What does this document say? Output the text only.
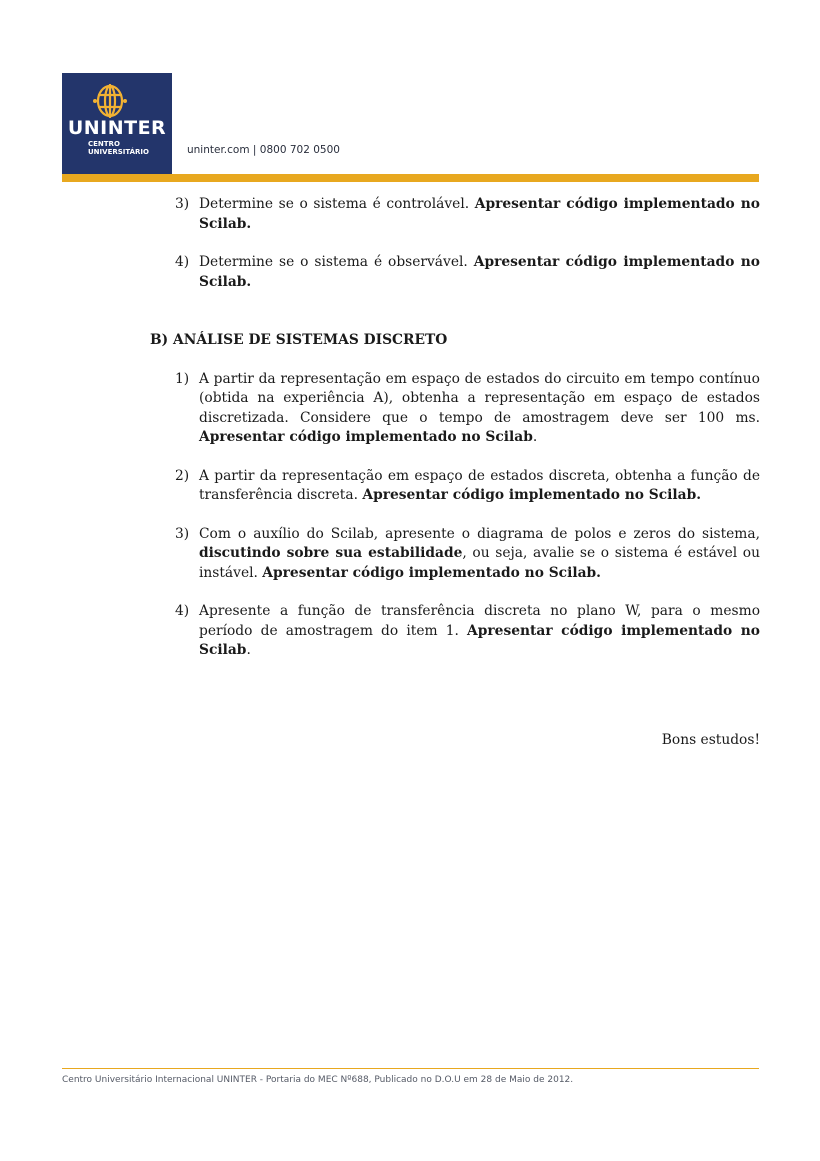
UNINTER
CENTRO
UNIVERSITÁRIO	uninter.com | 0800 702 0500
3) Determine se o sistema é controlável. Apresentar código implementado no Scilab.
4) Determine se o sistema é observável. Apresentar código implementado no Scilab.
B) ANÁLISE DE SISTEMAS DISCRETO
1) A partir da representação em espaço de estados do circuito em tempo contínuo (obtida na experiência A), obtenha a representação em espaço de estados discretizada. Considere que o tempo de amostragem deve ser 100 ms. Apresentar código implementado no Scilab.
2) A partir da representação em espaço de estados discreta, obtenha a função de transferência discreta. Apresentar código implementado no Scilab.
3) Com o auxílio do Scilab, apresente o diagrama de polos e zeros do sistema, discutindo sobre sua estabilidade, ou seja, avalie se o sistema é estável ou instável. Apresentar código implementado no Scilab.
4) Apresente a função de transferência discreta no plano W, para o mesmo período de amostragem do item 1. Apresentar código implementado no Scilab.
Bons estudos!
Centro Universitário Internacional UNINTER - Portaria do MEC Nº688, Publicado no D.O.U em 28 de Maio de 2012.
